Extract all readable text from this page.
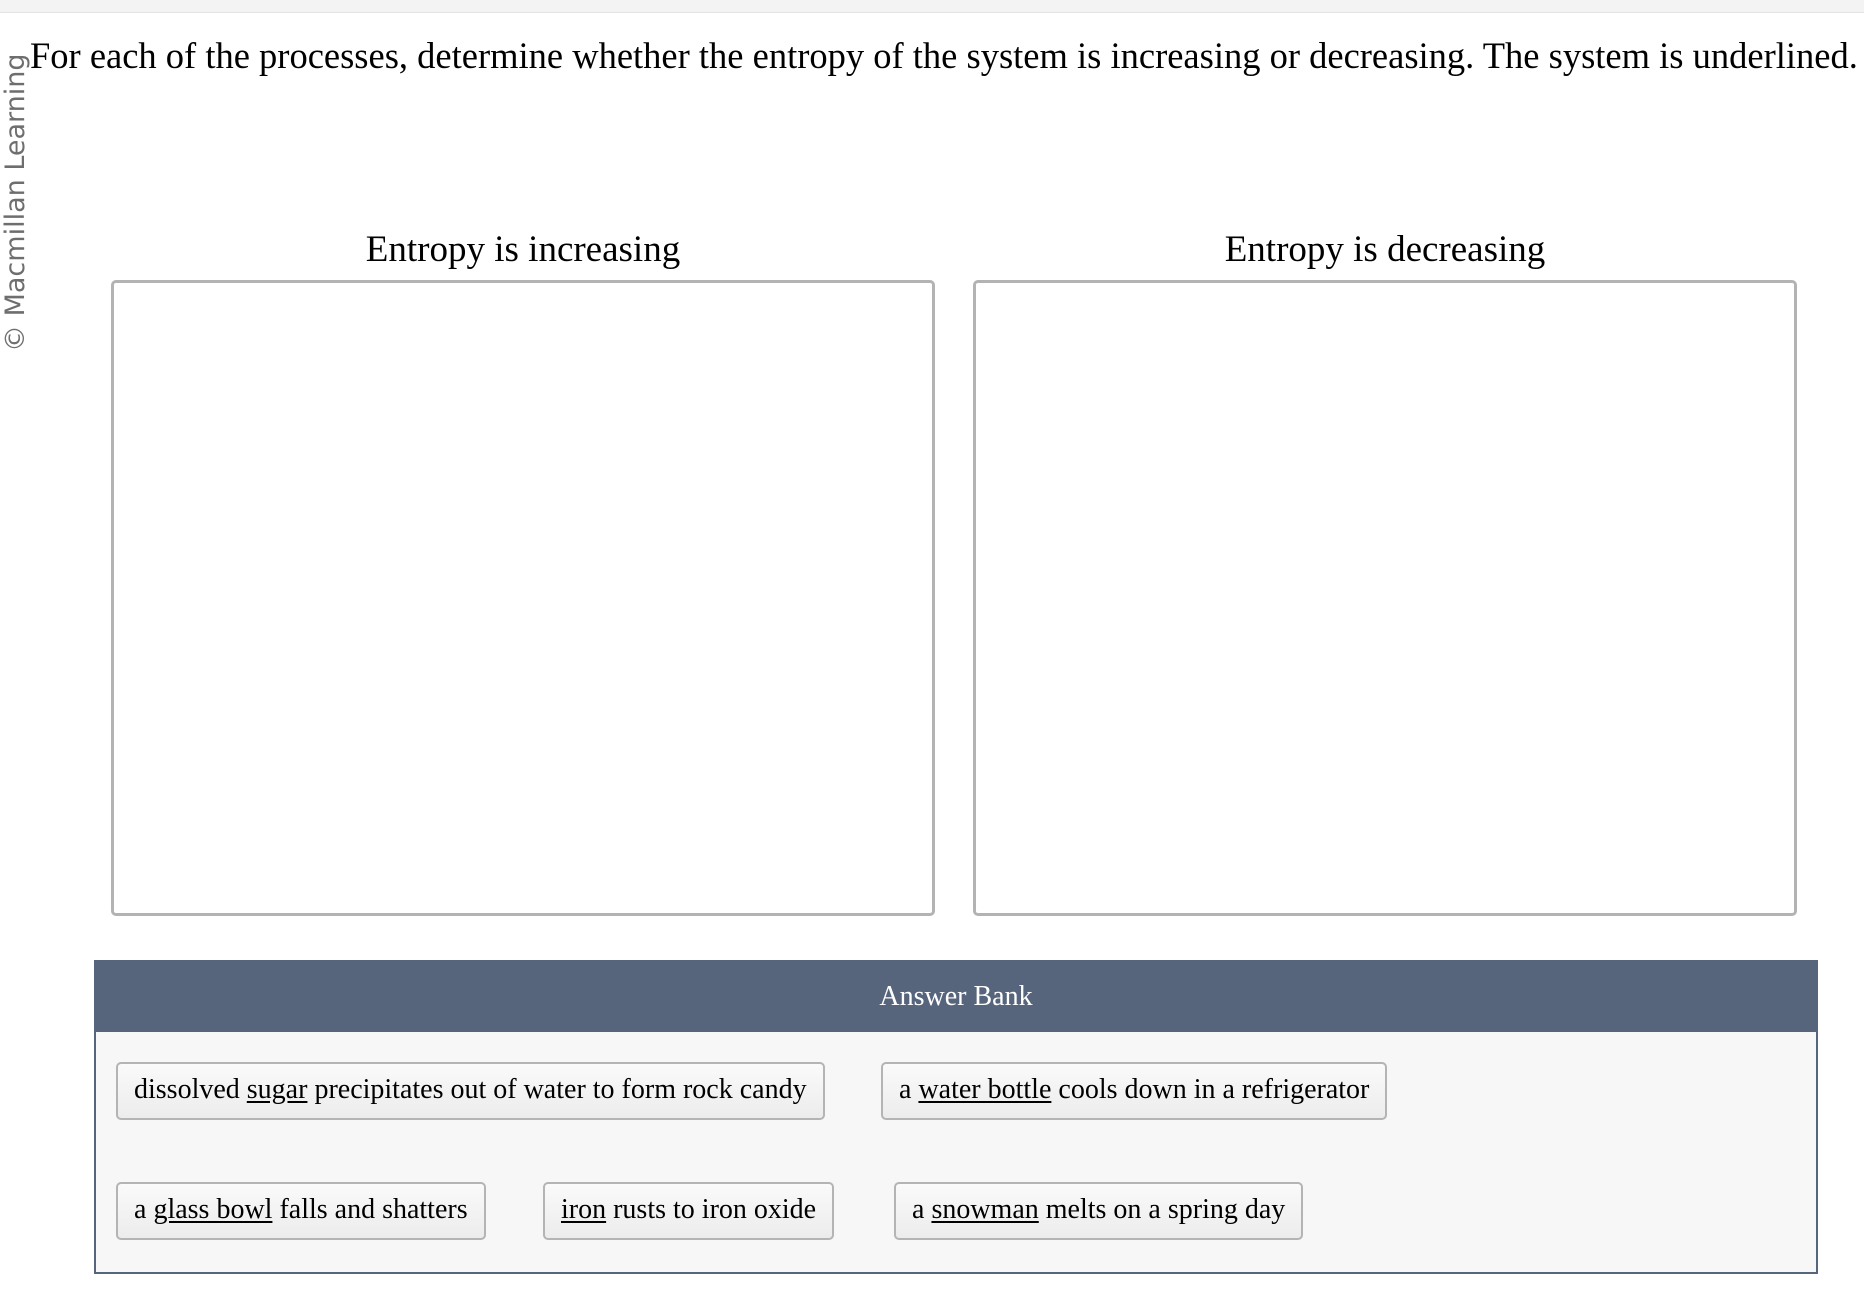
© Macmillan Learning For each of the processes, determine whether the entropy of the system is increasing or decreasing. The system is underlined.
Entropy is increasing	Entropy is decreasing
Answer Bank
dissolved sugar precipitates out of water to form rock candy	a water bottle cools down in a refrigerator
a glass bowl falls and shatters	iron rusts to iron oxide	a snowman melts on a spring day
